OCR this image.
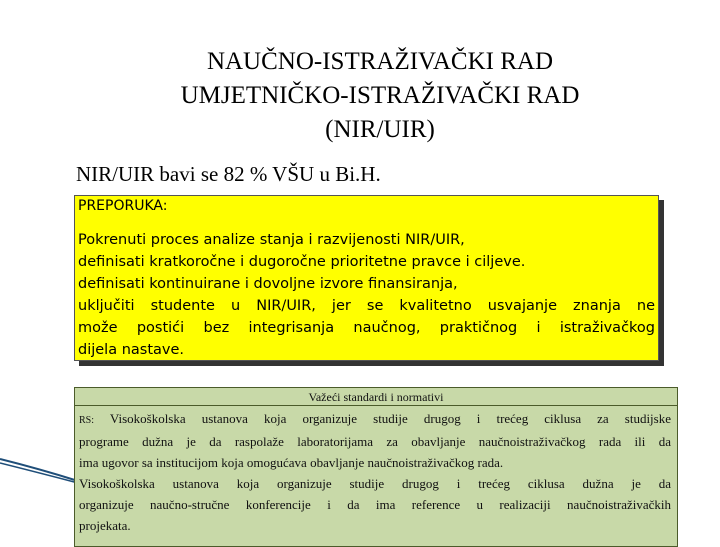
NAUČNO-ISTRAŽIVAČKI RAD
UMJETNIČKO-ISTRAŽIVAČKI RAD
(NIR/UIR)
NIR/UIR bavi se 82 % VŠU u Bi.H.
PREPORUKA:
Pokrenuti proces analize stanja i razvijenosti NIR/UIR,
definisati kratkoročne i dugoročne prioritetne pravce i ciljeve.
definisati kontinuirane i dovoljne izvore finansiranja,
uključiti studente u NIR/UIR, jer se kvalitetno usvajanje znanja ne
može postići bez integrisanja naučnog, praktičnog i istraživačkog
dijela nastave.
Važeći standardi i normativi
RS: Visokoškolska ustanova koja organizuje studije drugog i trećeg ciklusa za studijske
programe dužna je da raspolaže laboratorijama za obavljanje naučnoistraživačkog rada ili da
ima ugovor sa institucijom koja omogućava obavljanje naučnoistraživačkog rada.
Visokoškolska ustanova koja organizuje studije drugog i trećeg ciklusa dužna je da
organizuje naučno-stručne konferencije i da ima reference u realizaciji naučnoistraživačkih
projekata.
